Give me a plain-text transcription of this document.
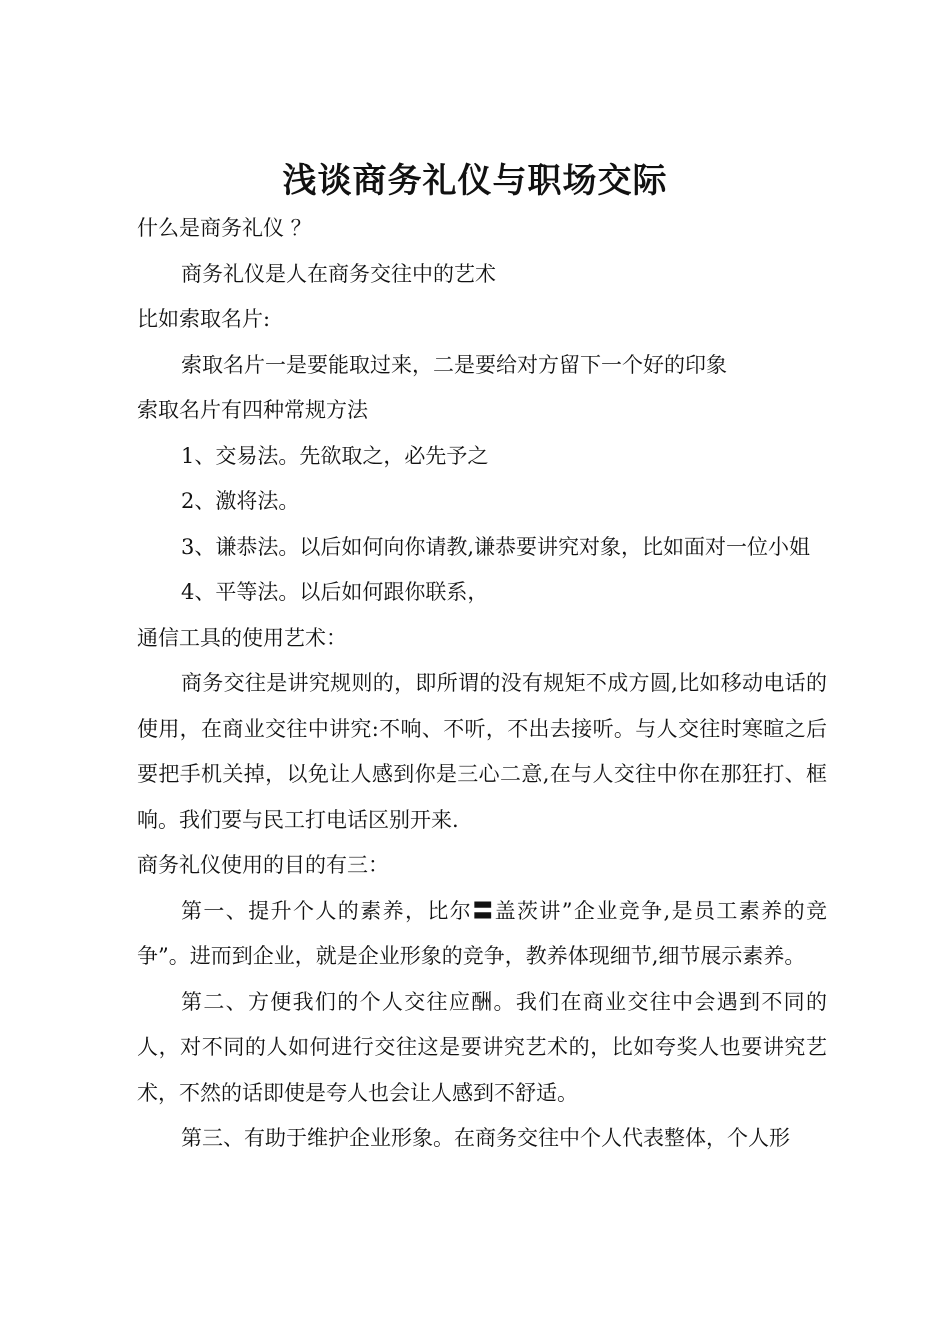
浅谈商务礼仪与职场交际

什么是商务礼仪 ？

商务礼仪是人在商务交往中的艺术

比如索取名片:

索取名片一是要能取过来，二是要给对方留下一个好的印象

索取名片有四种常规方法

1、交易法。先欲取之，必先予之

2、激将法。

3、谦恭法。以后如何向你请教,谦恭要讲究对象，比如面对一位小姐

4、平等法。以后如何跟你联系，

通信工具的使用艺术：

商务交往是讲究规则的，即所谓的没有规矩不成方圆,比如移动电话的使用，在商业交往中讲究:不响、不听，不出去接听。与人交往时寒暄之后要把手机关掉，以免让人感到你是三心二意,在与人交往中你在那狂打、框响。我们要与民工打电话区别开来.

商务礼仪使用的目的有三：

第一、提升个人的素养，比尔〓盖茨讲”企业竞争,是员工素养的竞争”。进而到企业，就是企业形象的竞争，教养体现细节,细节展示素养。

第二、方便我们的个人交往应酬。我们在商业交往中会遇到不同的人，对不同的人如何进行交往这是要讲究艺术的，比如夸奖人也要讲究艺术，不然的话即使是夸人也会让人感到不舒适。

第三、有助于维护企业形象。在商务交往中个人代表整体，个人形
